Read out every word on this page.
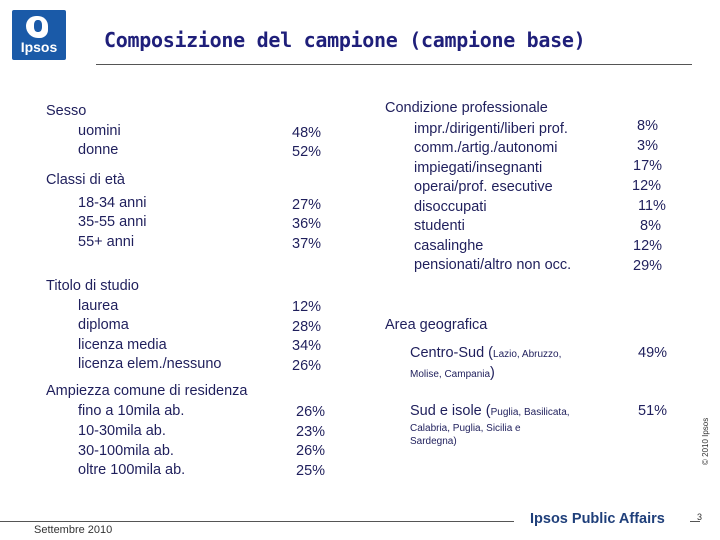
Ipsos	Composizione del campione (campione base)
Sesso
uomini
donne
48%
52%
Classi di età
18-34 anni
35-55 anni
55+ anni
27%
36%
37%
Titolo di studio
laurea
diploma
licenza media
licenza elem./nessuno
12%
28%
34%
26%
Ampiezza comune di residenza
fino a 10mila ab.
10-30mila ab.
30-100mila ab.
oltre 100mila ab.
26%
23%
26%
25%
Condizione professionale
impr./dirigenti/liberi prof.
comm./artig./autonomi
impiegati/insegnanti
operai/prof. esecutive
disoccupati
studenti
casalinghe
pensionati/altro non occ.
8%
3%
17%
12%
11%
8%
12%
29%
Area geografica
Centro-Sud (Lazio, Abruzzo,
Molise, Campania)
49%
Sud e isole (Puglia, Basilicata,
Calabria, Puglia, Sicilia e
Sardegna)
51%
Settembre 2010
Ipsos Public Affairs	3
© 2010 Ipsos
